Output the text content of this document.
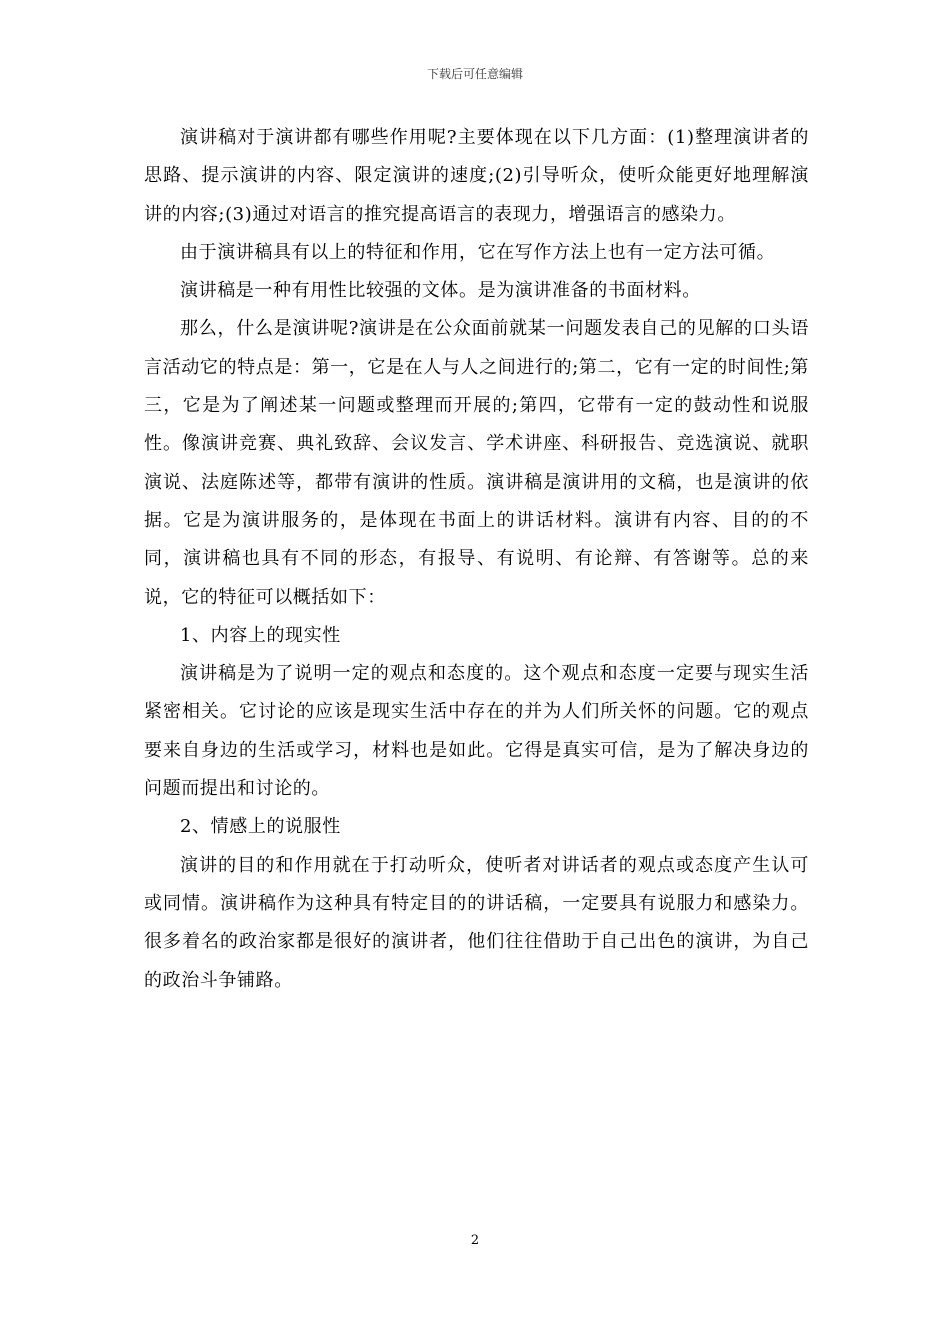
下载后可任意编辑

演讲稿对于演讲都有哪些作用呢?主要体现在以下几方面：(1)整理演讲者的思路、提示演讲的内容、限定演讲的速度;(2)引导听众，使听众能更好地理解演讲的内容;(3)通过对语言的推究提高语言的表现力，增强语言的感染力。

由于演讲稿具有以上的特征和作用，它在写作方法上也有一定方法可循。

演讲稿是一种有用性比较强的文体。是为演讲准备的书面材料。

那么，什么是演讲呢?演讲是在公众面前就某一问题发表自己的见解的口头语言活动它的特点是：第一，它是在人与人之间进行的;第二，它有一定的时间性;第三，它是为了阐述某一问题或整理而开展的;第四，它带有一定的鼓动性和说服性。像演讲竞赛、典礼致辞、会议发言、学术讲座、科研报告、竞选演说、就职演说、法庭陈述等，都带有演讲的性质。演讲稿是演讲用的文稿，也是演讲的依据。它是为演讲服务的，是体现在书面上的讲话材料。演讲有内容、目的的不同，演讲稿也具有不同的形态，有报导、有说明、有论辩、有答谢等。总的来说，它的特征可以概括如下：

1、内容上的现实性

演讲稿是为了说明一定的观点和态度的。这个观点和态度一定要与现实生活紧密相关。它讨论的应该是现实生活中存在的并为人们所关怀的问题。它的观点要来自身边的生活或学习，材料也是如此。它得是真实可信，是为了解决身边的问题而提出和讨论的。

2、情感上的说服性

演讲的目的和作用就在于打动听众，使听者对讲话者的观点或态度产生认可或同情。演讲稿作为这种具有特定目的的讲话稿，一定要具有说服力和感染力。很多着名的政治家都是很好的演讲者，他们往往借助于自己出色的演讲，为自己的政治斗争铺路。

2
